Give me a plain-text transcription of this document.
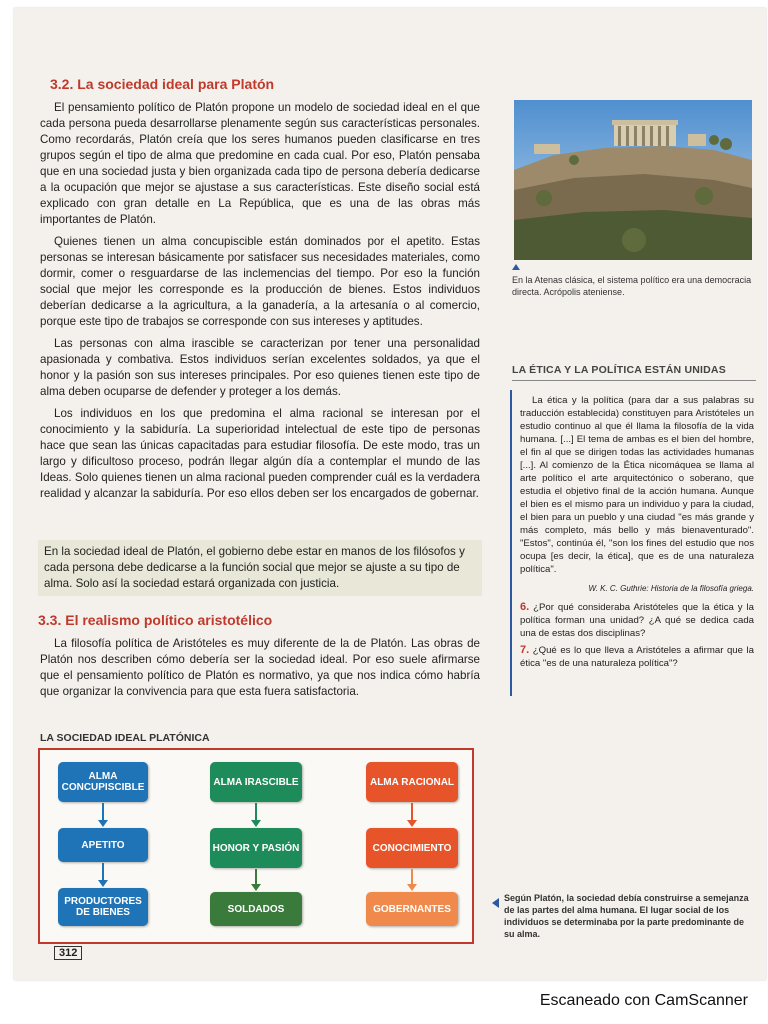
3.2. La sociedad ideal para Platón

El pensamiento político de Platón propone un modelo de sociedad ideal en el que cada persona pueda desarrollarse plenamente según sus características personales. Como recordarás, Platón creía que los seres humanos pueden clasificarse en tres grupos según el tipo de alma que predomine en cada cual. Por eso, Platón pensaba que en una sociedad justa y bien organizada cada tipo de persona debería dedicarse a la ocupación que mejor se ajustase a sus características. Este diseño social está explicado con gran detalle en La República, que es una de las obras más importantes de Platón.

Quienes tienen un alma concupiscible están dominados por el apetito. Estas personas se interesan básicamente por satisfacer sus necesidades materiales, como dormir, comer o resguardarse de las inclemencias del tiempo. Por eso la función social que mejor les corresponde es la producción de bienes. Estos individuos deberían dedicarse a la agricultura, a la ganadería, a la artesanía o al comercio, porque este tipo de trabajos se corresponde con sus intereses y aptitudes.

Las personas con alma irascible se caracterizan por tener una personalidad apasionada y combativa. Estos individuos serían excelentes soldados, ya que el honor y la pasión son sus intereses principales. Por eso quienes tienen este tipo de alma deben ocuparse de defender y proteger a los demás.

Los individuos en los que predomina el alma racional se interesan por el conocimiento y la sabiduría. La superioridad intelectual de este tipo de personas hace que sean las únicas capacitadas para estudiar filosofía. De este modo, tras un largo y dificultoso proceso, podrán llegar algún día a contemplar el mundo de las Ideas. Solo quienes tienen un alma racional pueden comprender cuál es la verdadera realidad y alcanzar la sabiduría. Por eso ellos deben ser los encargados de gobernar.

En la sociedad ideal de Platón, el gobierno debe estar en manos de los filósofos y cada persona debe dedicarse a la función social que mejor se ajuste a su tipo de alma. Solo así la sociedad estará organizada con justicia.
3.3. El realismo político aristotélico

La filosofía política de Aristóteles es muy diferente de la de Platón. Las obras de Platón nos describen cómo debería ser la sociedad ideal. Por eso suele afirmarse que el pensamiento político de Platón es normativo, ya que nos indica cómo habría que organizar la convivencia para que esta fuera satisfactoria.

En la Atenas clásica, el sistema político era una democracia directa. Acrópolis ateniense.
LA ÉTICA Y LA POLÍTICA ESTÁN UNIDAS
La ética y la política (para dar a sus palabras su traducción establecida) constituyen para Aristóteles un estudio continuo al que él llama la filosofía de la vida humana. [...] El tema de ambas es el bien del hombre, el fin al que se dirigen todas las actividades humanas [...]. Al comienzo de la Ética nicomáquea se llama al arte político el arte arquitectónico o soberano, que estudia el objetivo final de la acción humana. Aunque el bien es el mismo para un individuo y para la ciudad, el bien para un pueblo y una ciudad "es más grande y más completo, más bello y más bienaventurado". "Estos", continúa él, "son los fines del estudio que nos ocupa [es decir, la ética], que es de una naturaleza política".
W. K. C. Guthrie: Historia de la filosofía griega.
6. ¿Por qué consideraba Aristóteles que la ética y la política forman una unidad? ¿A qué se dedica cada una de estas dos disciplinas?
7. ¿Qué es lo que lleva a Aristóteles a afirmar que la ética "es de una naturaleza política"?
LA SOCIEDAD IDEAL PLATÓNICA
ALMA CONCUPISCIBLE
APETITO
PRODUCTORES DE BIENES
ALMA IRASCIBLE
HONOR Y PASIÓN
SOLDADOS
ALMA RACIONAL
CONOCIMIENTO
GOBERNANTES
Según Platón, la sociedad debía construirse a semejanza de las partes del alma humana. El lugar social de los individuos se determinaba por la parte predominante de su alma.
312
Escaneado con CamScanner
